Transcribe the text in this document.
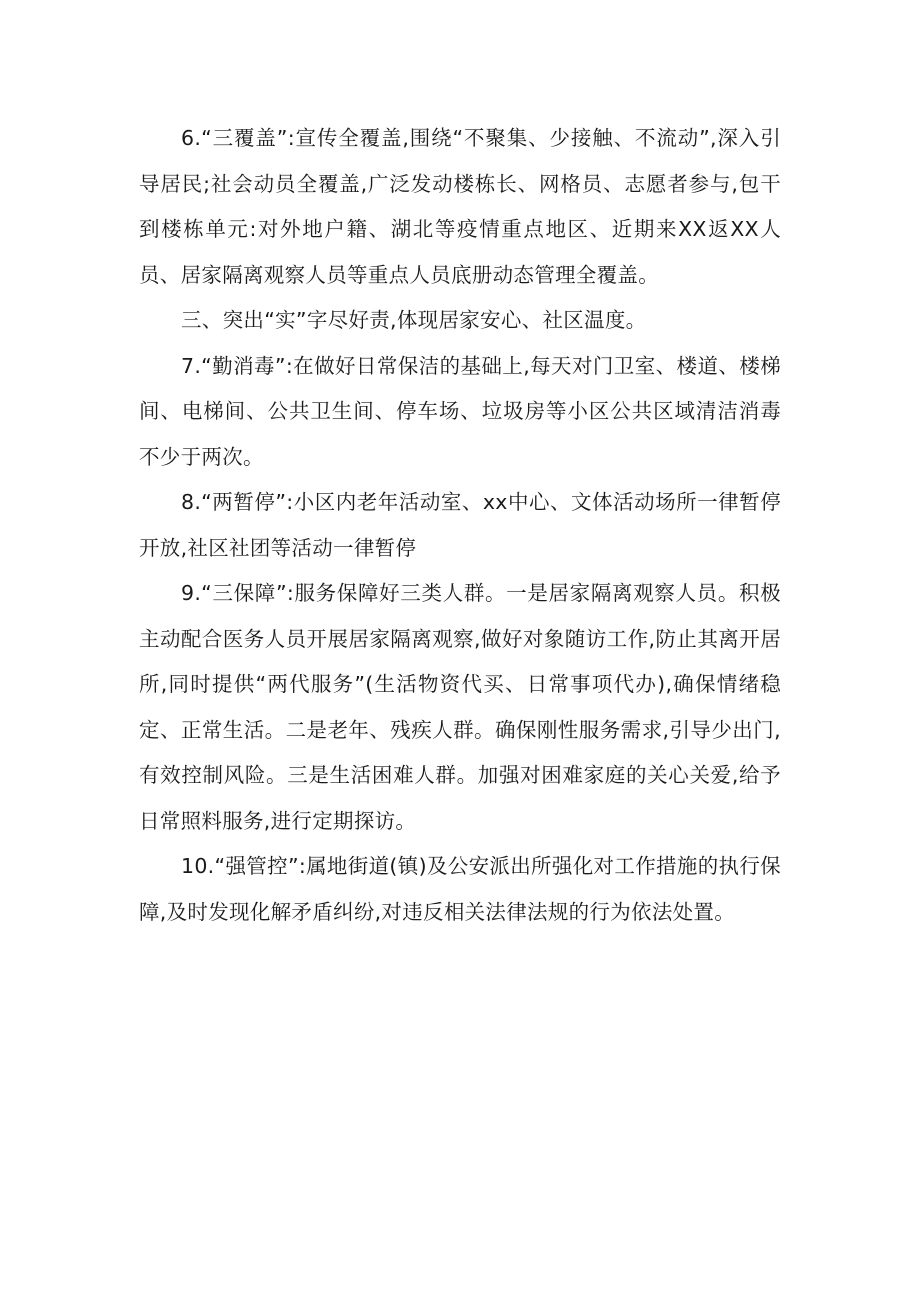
6.“三覆盖”:宣传全覆盖,围绕“不聚集、少接触、不流动”,深入引导居民;社会动员全覆盖,广泛发动楼栋长、网格员、志愿者参与,包干到楼栋单元:对外地户籍、湖北等疫情重点地区、近期来XX返XX人员、居家隔离观察人员等重点人员底册动态管理全覆盖。

三、突出“实”字尽好责,体现居家安心、社区温度。

7.“勤消毒”:在做好日常保洁的基础上,每天对门卫室、楼道、楼梯间、电梯间、公共卫生间、停车场、垃圾房等小区公共区域清洁消毒不少于两次。

8.“两暂停”:小区内老年活动室、xx中心、文体活动场所一律暂停开放,社区社团等活动一律暂停

9.“三保障”:服务保障好三类人群。一是居家隔离观察人员。积极主动配合医务人员开展居家隔离观察,做好对象随访工作,防止其离开居所,同时提供“两代服务”(生活物资代买、日常事项代办),确保情绪稳定、正常生活。二是老年、残疾人群。确保刚性服务需求,引导少出门,有效控制风险。三是生活困难人群。加强对困难家庭的关心关爱,给予日常照料服务,进行定期探访。

10.“强管控”:属地街道(镇)及公安派出所强化对工作措施的执行保障,及时发现化解矛盾纠纷,对违反相关法律法规的行为依法处置。
